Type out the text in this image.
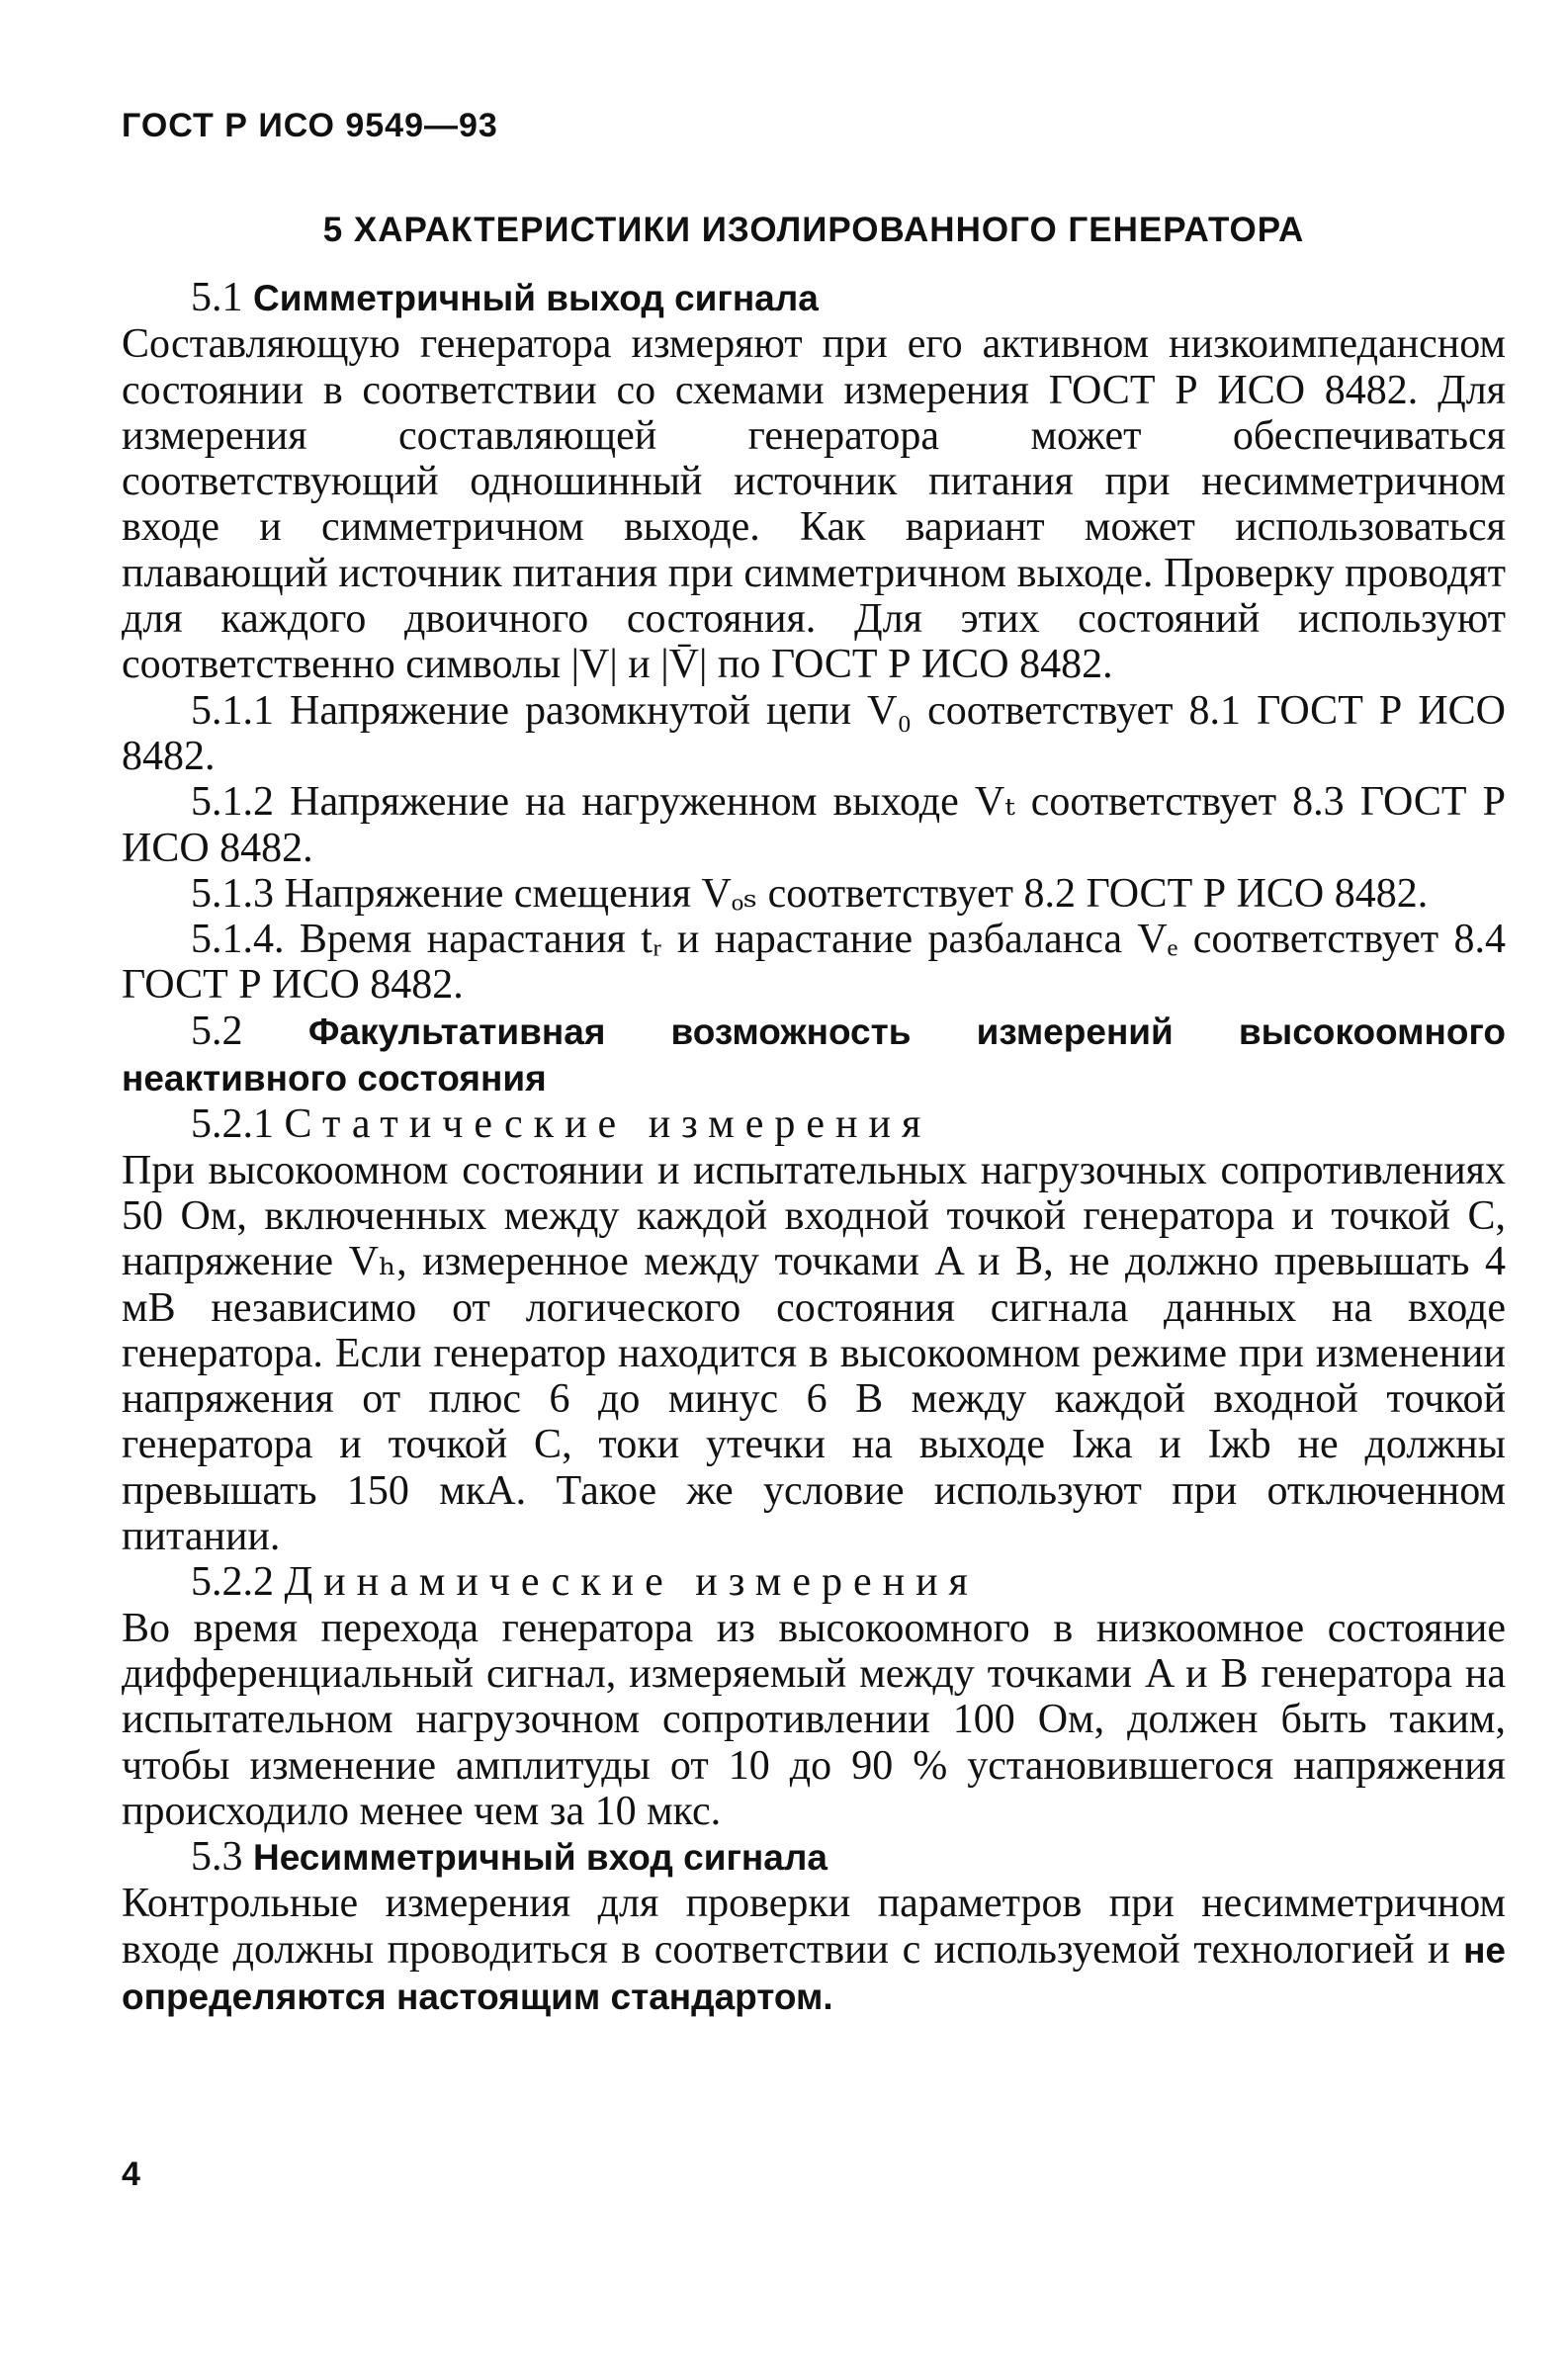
ГОСТ Р ИСО 9549—93

5 ХАРАКТЕРИСТИКИ ИЗОЛИРОВАННОГО ГЕНЕРАТОРА

5.1 Симметричный выход сигнала

Составляющую генератора измеряют при его активном низкоимпедансном состоянии в соответствии со схемами измерения ГОСТ Р ИСО 8482. Для измерения составляющей генератора может обеспечиваться соответствующий одношинный источник питания при несимметричном входе и симметричном выходе. Как вариант может использоваться плавающий источник питания при симметричном выходе. Проверку проводят для каждого двоичного состояния. Для этих состояний используют соответственно символы |V| и |V̄| по ГОСТ Р ИСО 8482.

5.1.1 Напряжение разомкнутой цепи V₀ соответствует 8.1 ГОСТ Р ИСО 8482.

5.1.2 Напряжение на нагруженном выходе Vₜ соответствует 8.3 ГОСТ Р ИСО 8482.

5.1.3 Напряжение смещения Vₒₛ соответствует 8.2 ГОСТ Р ИСО 8482.

5.1.4. Время нарастания tᵣ и нарастание разбаланса Vₑ соответствует 8.4 ГОСТ Р ИСО 8482.

5.2 Факультативная возможность измерений высокоомного неактивного состояния

5.2.1 Статические измерения

При высокоомном состоянии и испытательных нагрузочных сопротивлениях 50 Ом, включенных между каждой входной точкой генератора и точкой C, напряжение Vₕ, измеренное между точками A и B, не должно превышать 4 мВ независимо от логического состояния сигнала данных на входе генератора. Если генератор находится в высокоомном режиме при изменении напряжения от плюс 6 до минус 6 В между каждой входной точкой генератора и точкой C, токи утечки на выходе Iжа и Iжb не должны превышать 150 мкА. Такое же условие используют при отключенном питании.

5.2.2 Динамические измерения

Во время перехода генератора из высокоомного в низкоомное состояние дифференциальный сигнал, измеряемый между точками A и B генератора на испытательном нагрузочном сопротивлении 100 Ом, должен быть таким, чтобы изменение амплитуды от 10 до 90 % установившегося напряжения происходило менее чем за 10 мкс.

5.3 Несимметричный вход сигнала

Контрольные измерения для проверки параметров при несимметричном входе должны проводиться в соответствии с используемой технологией и не определяются настоящим стандартом.

4
